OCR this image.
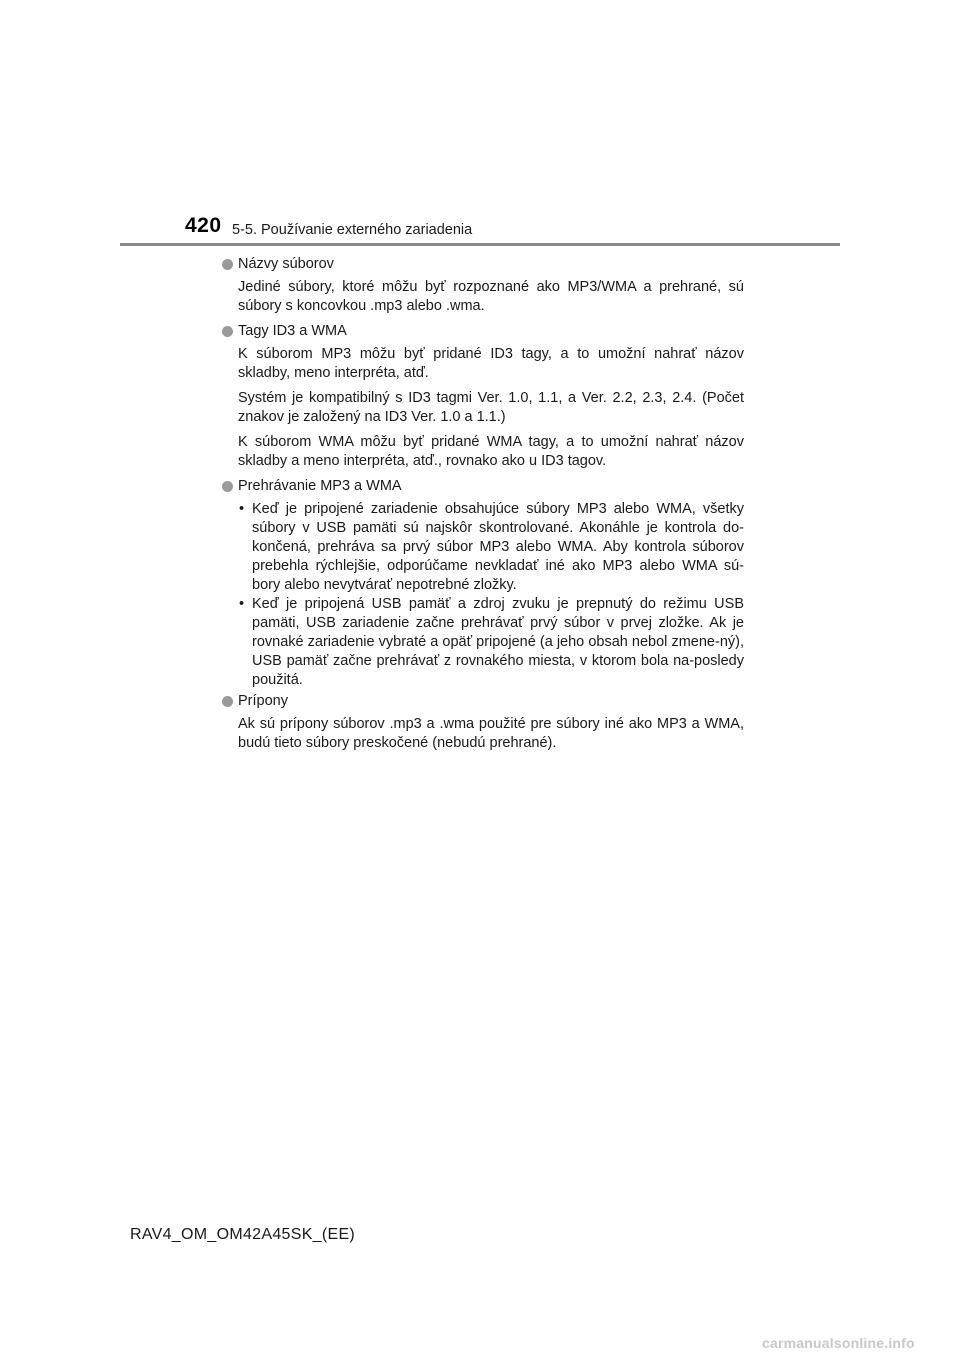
420 5-5. Používanie externého zariadenia
Názvy súborov

Jediné súbory, ktoré môžu byť rozpoznané ako MP3/WMA a prehrané, sú súbory s koncovkou .mp3 alebo .wma.

Tagy ID3 a WMA

K súborom MP3 môžu byť pridané ID3 tagy, a to umožní nahrať názov skladby, meno interpréta, atď.

Systém je kompatibilný s ID3 tagmi Ver. 1.0, 1.1, a Ver. 2.2, 2.3, 2.4. (Počet znakov je založený na ID3 Ver. 1.0 a 1.1.)

K súborom WMA môžu byť pridané WMA tagy, a to umožní nahrať názov skladby a meno interpréta, atď., rovnako ako u ID3 tagov.

Prehrávanie MP3 a WMA
• Keď je pripojené zariadenie obsahujúce súbory MP3 alebo WMA, všetky súbory v USB pamäti sú najskôr skontrolované. Akonáhle je kontrola do-končená, prehráva sa prvý súbor MP3 alebo WMA. Aby kontrola súborov prebehla rýchlejšie, odporúčame nevkladať iné ako MP3 alebo WMA sú-bory alebo nevytvárať nepotrebné zložky.
• Keď je pripojená USB pamäť a zdroj zvuku je prepnutý do režimu USB pamäti, USB zariadenie začne prehrávať prvý súbor v prvej zložke. Ak je rovnaké zariadenie vybraté a opäť pripojené (a jeho obsah nebol zmene-ný), USB pamäť začne prehrávať z rovnakého miesta, v ktorom bola na-posledy použitá.
Prípony

Ak sú prípony súborov .mp3 a .wma použité pre súbory iné ako MP3 a WMA, budú tieto súbory preskočené (nebudú prehrané).

RAV4_OM_OM42A45SK_(EE)
carmanualsonline.info
